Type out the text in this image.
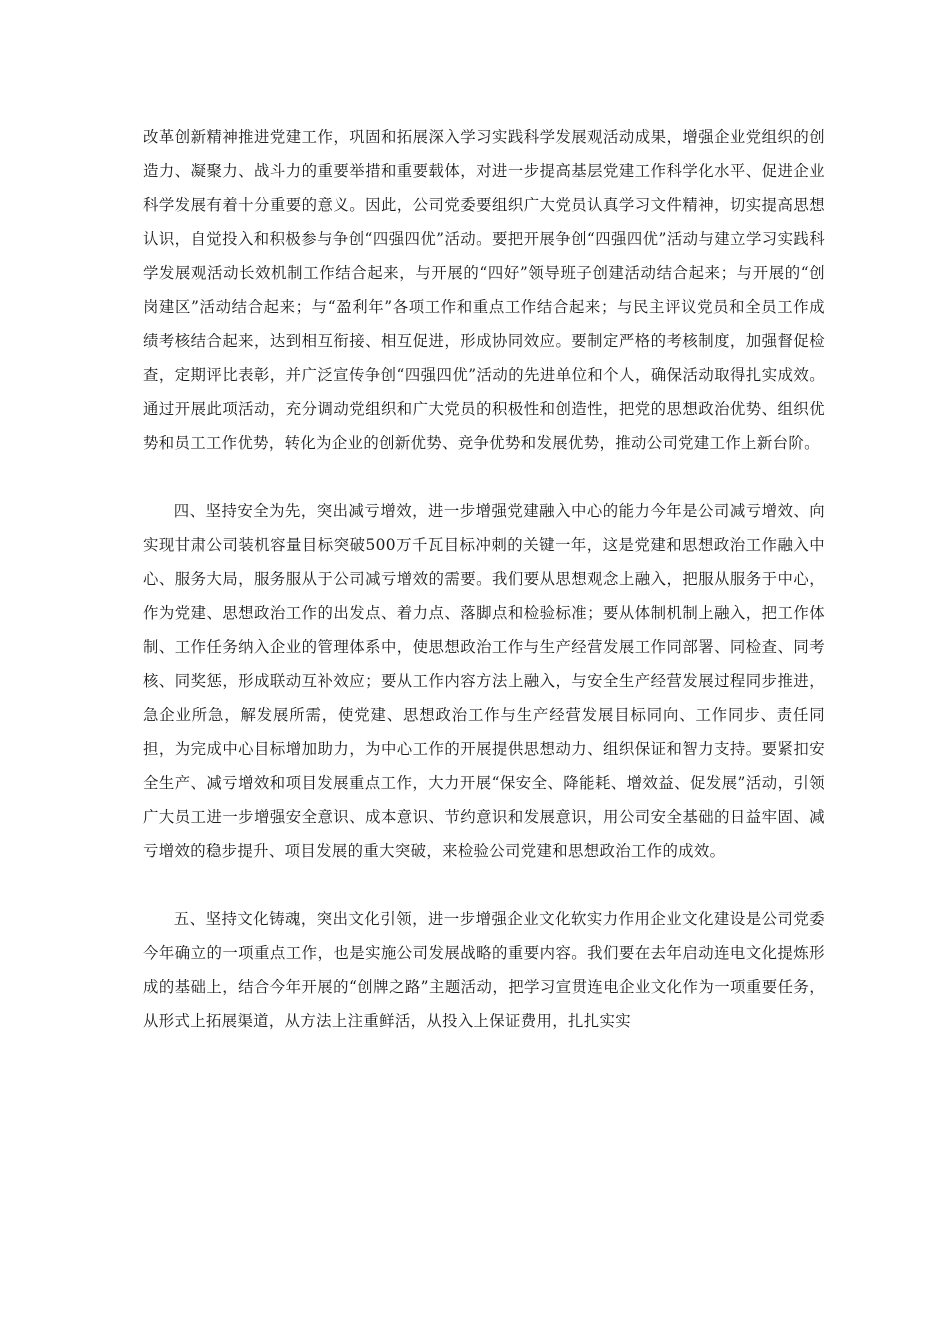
改革创新精神推进党建工作，巩固和拓展深入学习实践科学发展观活动成果，增强企业党组织的创造力、凝聚力、战斗力的重要举措和重要载体，对进一步提高基层党建工作科学化水平、促进企业科学发展有着十分重要的意义。因此，公司党委要组织广大党员认真学习文件精神，切实提高思想认识，自觉投入和积极参与争创“四强四优”活动。要把开展争创“四强四优”活动与建立学习实践科学发展观活动长效机制工作结合起来，与开展的“四好”领导班子创建活动结合起来；与开展的“创岗建区”活动结合起来；与“盈利年”各项工作和重点工作结合起来；与民主评议党员和全员工作成绩考核结合起来，达到相互衔接、相互促进，形成协同效应。要制定严格的考核制度，加强督促检查，定期评比表彰，并广泛宣传争创“四强四优”活动的先进单位和个人，确保活动取得扎实成效。通过开展此项活动，充分调动党组织和广大党员的积极性和创造性，把党的思想政治优势、组织优势和员工工作优势，转化为企业的创新优势、竞争优势和发展优势，推动公司党建工作上新台阶。

四、坚持安全为先，突出减亏增效，进一步增强党建融入中心的能力今年是公司减亏增效、向实现甘肃公司装机容量目标突破500万千瓦目标冲刺的关键一年，这是党建和思想政治工作融入中心、服务大局，服务服从于公司减亏增效的需要。我们要从思想观念上融入，把服从服务于中心，作为党建、思想政治工作的出发点、着力点、落脚点和检验标准；要从体制机制上融入，把工作体制、工作任务纳入企业的管理体系中，使思想政治工作与生产经营发展工作同部署、同检查、同考核、同奖惩，形成联动互补效应；要从工作内容方法上融入，与安全生产经营发展过程同步推进，急企业所急，解发展所需，使党建、思想政治工作与生产经营发展目标同向、工作同步、责任同担，为完成中心目标增加助力，为中心工作的开展提供思想动力、组织保证和智力支持。要紧扣安全生产、减亏增效和项目发展重点工作，大力开展“保安全、降能耗、增效益、促发展”活动，引领广大员工进一步增强安全意识、成本意识、节约意识和发展意识，用公司安全基础的日益牢固、减亏增效的稳步提升、项目发展的重大突破，来检验公司党建和思想政治工作的成效。

五、坚持文化铸魂，突出文化引领，进一步增强企业文化软实力作用企业文化建设是公司党委今年确立的一项重点工作，也是实施公司发展战略的重要内容。我们要在去年启动连电文化提炼形成的基础上，结合今年开展的“创牌之路”主题活动，把学习宣贯连电企业文化作为一项重要任务，从形式上拓展渠道，从方法上注重鲜活，从投入上保证费用，扎扎实实
